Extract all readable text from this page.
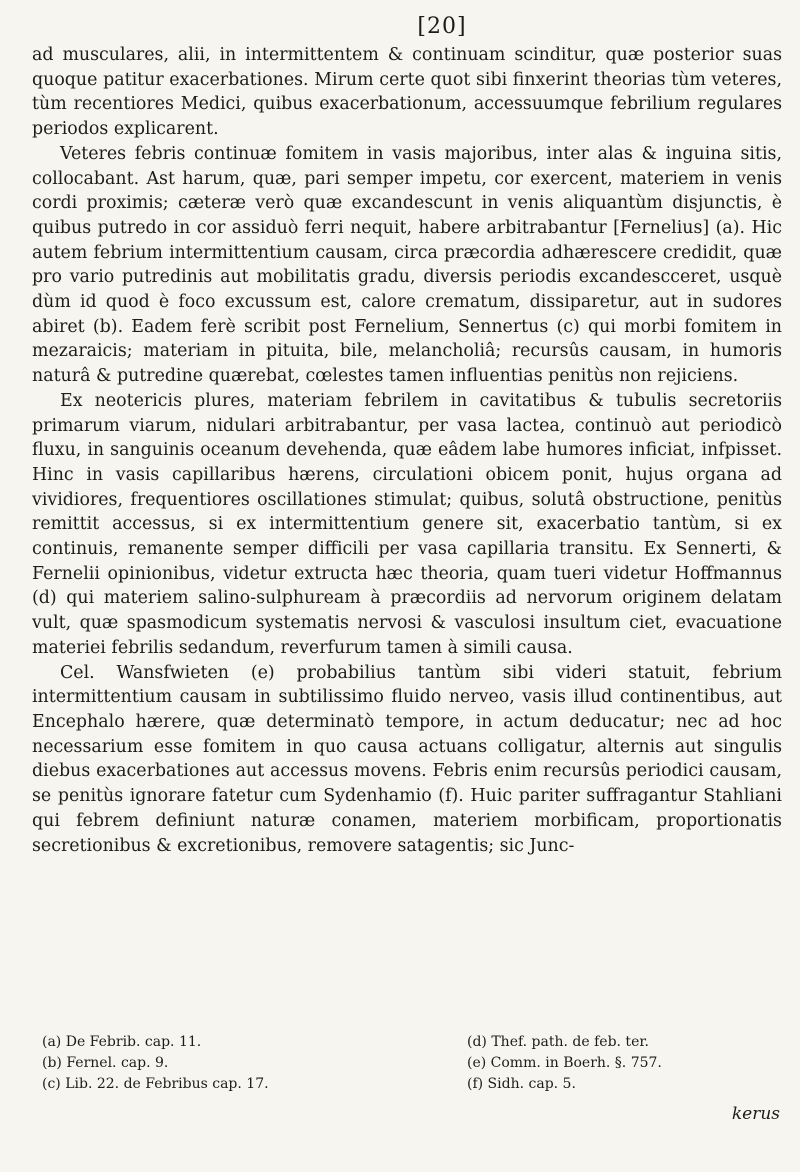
[20]

ad musculares, alii, in intermittentem & continuam scinditur, quæ posterior suas quoque patitur exacerbationes. Mirum certe quot sibi finxerint theorias tùm veteres, tùm recentiores Medici, quibus exacerbationum, accessuumque febrilium regulares periodos explicarent.

Veteres febris continuæ fomitem in vasis majoribus, inter alas & inguina sitis, collocabant. Ast harum, quæ, pari semper impetu, cor exercent, materiem in venis cordi proximis; cæteræ verò quæ excandescunt in venis aliquantùm disjunctis, è quibus putredo in cor assiduò ferri nequit, habere arbitrabantur [Fernelius] (a). Hic autem febrium intermittentium causam, circa præcordia adhærescere credidit, quæ pro vario putredinis aut mobilitatis gradu, diversis periodis excandescceret, usquè dùm id quod è foco excussum est, calore crematum, dissiparetur, aut in sudores abiret (b). Eadem ferè scribit post Fernelium, Sennertus (c) qui morbi fomitem in mezaraicis; materiam in pituita, bile, melancholiâ; recursûs causam, in humoris naturâ & putredine quærebat, cœlestes tamen influentias penitùs non rejiciens.

Ex neotericis plures, materiam febrilem in cavitatibus & tubulis secretoriis primarum viarum, nidulari arbitrabantur, per vasa lactea, continuò aut periodicò fluxu, in sanguinis oceanum devehenda, quæ eâdem labe humores inficiat, infpisset. Hinc in vasis capillaribus hærens, circulationi obicem ponit, hujus organa ad vividiores, frequentiores oscillationes stimulat; quibus, solutâ obstructione, penitùs remittit accessus, si ex intermittentium genere sit, exacerbatio tantùm, si ex continuis, remanente semper difficili per vasa capillaria transitu. Ex Sennerti, & Fernelii opinionibus, videtur extructa hæc theoria, quam tueri videtur Hoffmannus (d) qui materiem salino-sulphuream à præcordiis ad nervorum originem delatam vult, quæ spasmodicum systematis nervosi & vasculosi insultum ciet, evacuatione materiei febrilis sedandum, reverfurum tamen à simili causa.

Cel. Wansfwieten (e) probabilius tantùm sibi videri statuit, febrium intermittentium causam in subtilissimo fluido nerveo, vasis illud continentibus, aut Encephalo hærere, quæ determinatò tempore, in actum deducatur; nec ad hoc necessarium esse fomitem in quo causa actuans colligatur, alternis aut singulis diebus exacerbationes aut accessus movens. Febris enim recursûs periodici causam, se penitùs ignorare fatetur cum Sydenhamio (f). Huic pariter suffragantur Stahliani qui febrem definiunt naturæ conamen, materiem morbificam, proportionatis secretionibus & excretionibus, removere satagentis; sic Junc-

(a) De Febrib. cap. 11.

(b) Fernel. cap. 9.

(c) Lib. 22. de Febribus cap. 17.

(d) Thef. path. de feb. ter.

(e) Comm. in Boerh. §. 757.

(f) Sidh. cap. 5.

kerus
